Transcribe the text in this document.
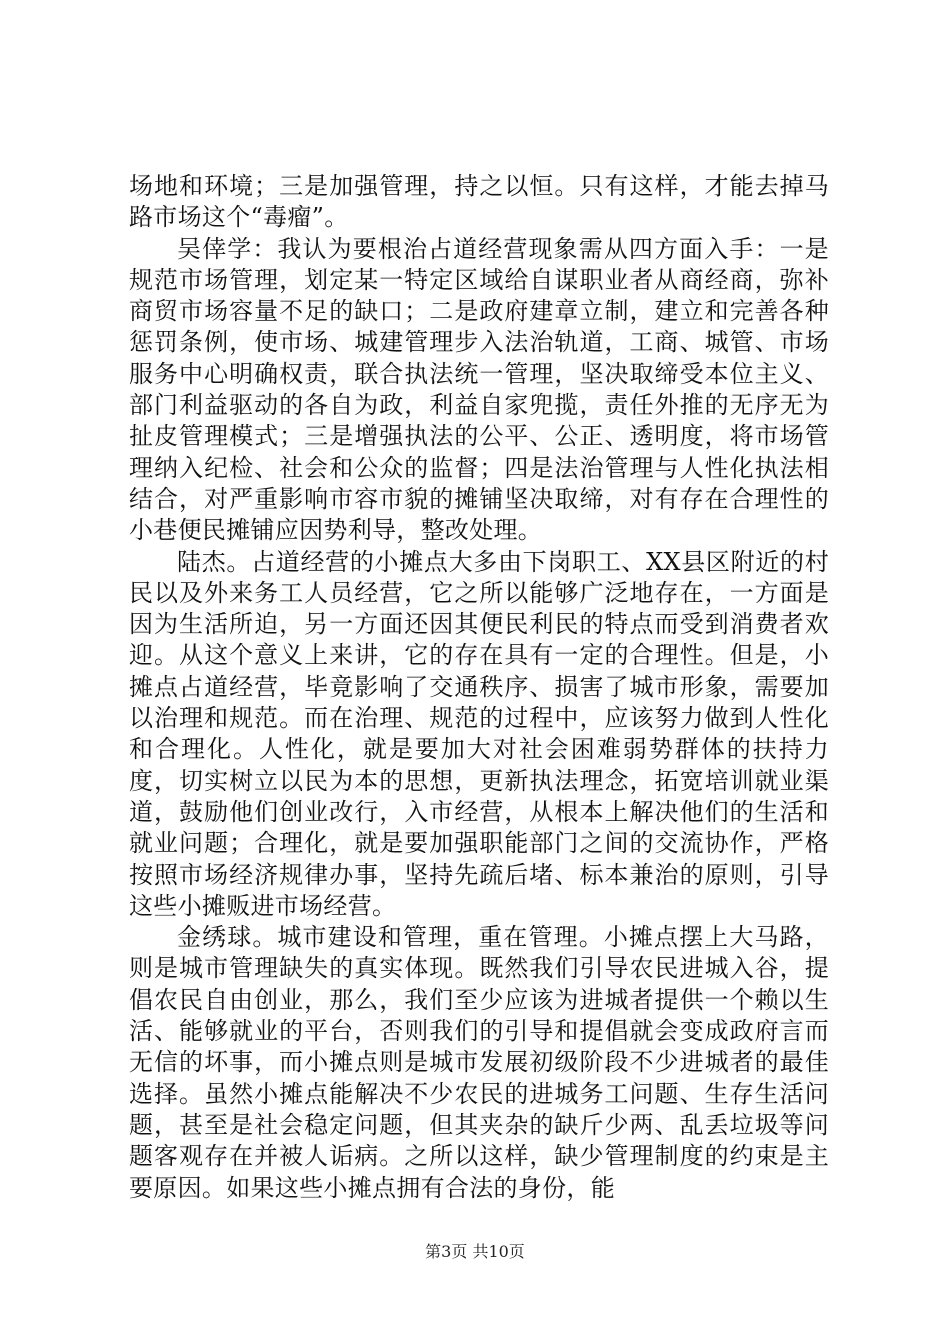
场地和环境；三是加强管理，持之以恒。只有这样，才能去掉马路市场这个“毒瘤”。

吴倖学：我认为要根治占道经营现象需从四方面入手：一是规范市场管理，划定某一特定区域给自谋职业者从商经商，弥补商贸市场容量不足的缺口；二是政府建章立制，建立和完善各种惩罚条例，使市场、城建管理步入法治轨道，工商、城管、市场服务中心明确权责，联合执法统一管理，坚决取缔受本位主义、部门利益驱动的各自为政，利益自家兜揽，责任外推的无序无为扯皮管理模式；三是增强执法的公平、公正、透明度，将市场管理纳入纪检、社会和公众的监督；四是法治管理与人性化执法相结合，对严重影响市容市貌的摊铺坚决取缔，对有存在合理性的小巷便民摊铺应因势利导，整改处理。

陆杰。占道经营的小摊点大多由下岗职工、XX县区附近的村民以及外来务工人员经营，它之所以能够广泛地存在，一方面是因为生活所迫，另一方面还因其便民利民的特点而受到消费者欢迎。从这个意义上来讲，它的存在具有一定的合理性。但是，小摊点占道经营，毕竟影响了交通秩序、损害了城市形象，需要加以治理和规范。而在治理、规范的过程中，应该努力做到人性化和合理化。人性化，就是要加大对社会困难弱势群体的扶持力度，切实树立以民为本的思想，更新执法理念，拓宽培训就业渠道，鼓励他们创业改行，入市经营，从根本上解决他们的生活和就业问题；合理化，就是要加强职能部门之间的交流协作，严格按照市场经济规律办事，坚持先疏后堵、标本兼治的原则，引导这些小摊贩进市场经营。

金绣球。城市建设和管理，重在管理。小摊点摆上大马路，则是城市管理缺失的真实体现。既然我们引导农民进城入谷，提倡农民自由创业，那么，我们至少应该为进城者提供一个赖以生活、能够就业的平台，否则我们的引导和提倡就会变成政府言而无信的坏事，而小摊点则是城市发展初级阶段不少进城者的最佳选择。虽然小摊点能解决不少农民的进城务工问题、生存生活问题，甚至是社会稳定问题，但其夹杂的缺斤少两、乱丢垃圾等问题客观存在并被人诟病。之所以这样，缺少管理制度的约束是主要原因。如果这些小摊点拥有合法的身份，能

第3页 共10页
